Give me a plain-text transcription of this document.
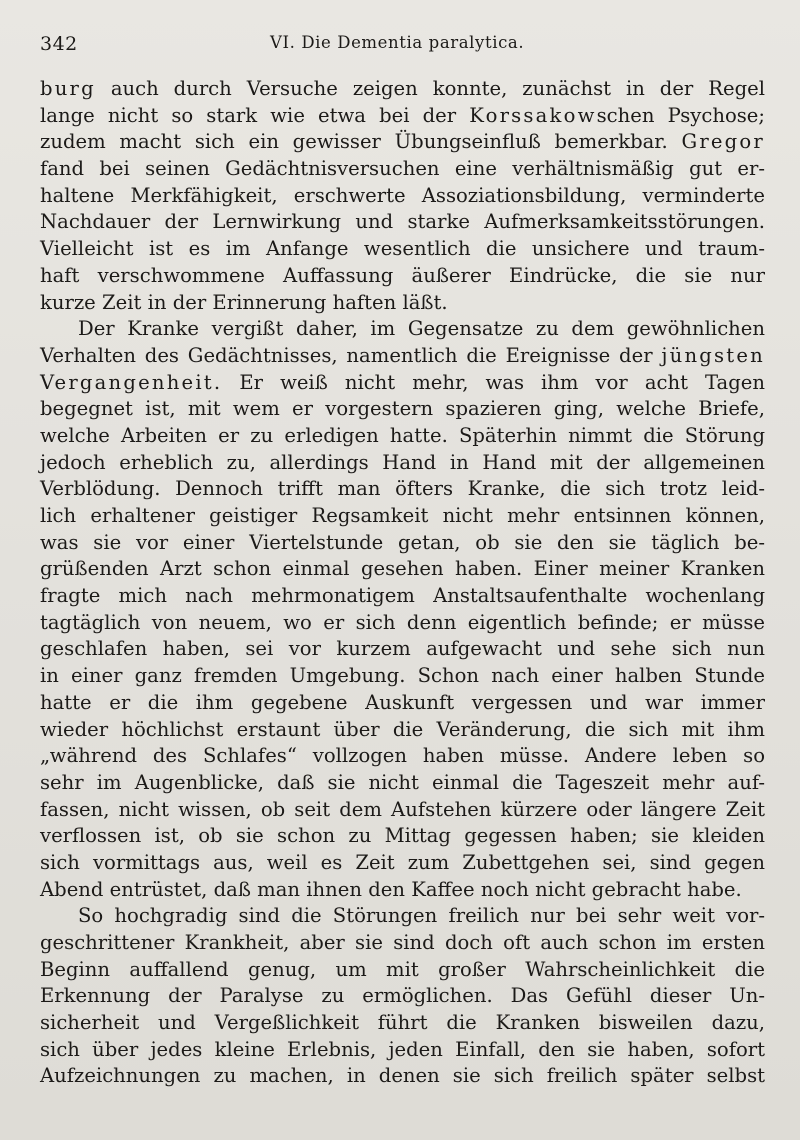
342	VI. Die Dementia paralytica.
burg auch durch Versuche zeigen konnte, zunächst in der Regel
lange nicht so stark wie etwa bei der Korssakowschen Psychose;
zudem macht sich ein gewisser Übungseinfluß bemerkbar. Gregor
fand bei seinen Gedächtnisversuchen eine verhältnismäßig gut er-
haltene Merkfähigkeit, erschwerte Assoziationsbildung, verminderte
Nachdauer der Lernwirkung und starke Aufmerksamkeitsstörungen.
Vielleicht ist es im Anfange wesentlich die unsichere und traum-
haft verschwommene Auffassung äußerer Eindrücke, die sie nur
kurze Zeit in der Erinnerung haften läßt.
Der Kranke vergißt daher, im Gegensatze zu dem gewöhnlichen
Verhalten des Gedächtnisses, namentlich die Ereignisse der jüngsten
Vergangenheit. Er weiß nicht mehr, was ihm vor acht Tagen
begegnet ist, mit wem er vorgestern spazieren ging, welche Briefe,
welche Arbeiten er zu erledigen hatte. Späterhin nimmt die Störung
jedoch erheblich zu, allerdings Hand in Hand mit der allgemeinen
Verblödung. Dennoch trifft man öfters Kranke, die sich trotz leid-
lich erhaltener geistiger Regsamkeit nicht mehr entsinnen können,
was sie vor einer Viertelstunde getan, ob sie den sie täglich be-
grüßenden Arzt schon einmal gesehen haben. Einer meiner Kranken
fragte mich nach mehrmonatigem Anstaltsaufenthalte wochenlang
tagtäglich von neuem, wo er sich denn eigentlich befinde; er müsse
geschlafen haben, sei vor kurzem aufgewacht und sehe sich nun
in einer ganz fremden Umgebung. Schon nach einer halben Stunde
hatte er die ihm gegebene Auskunft vergessen und war immer
wieder höchlichst erstaunt über die Veränderung, die sich mit ihm
„während des Schlafes“ vollzogen haben müsse. Andere leben so
sehr im Augenblicke, daß sie nicht einmal die Tageszeit mehr auf-
fassen, nicht wissen, ob seit dem Aufstehen kürzere oder längere Zeit
verflossen ist, ob sie schon zu Mittag gegessen haben; sie kleiden
sich vormittags aus, weil es Zeit zum Zubettgehen sei, sind gegen
Abend entrüstet, daß man ihnen den Kaffee noch nicht gebracht habe.
So hochgradig sind die Störungen freilich nur bei sehr weit vor-
geschrittener Krankheit, aber sie sind doch oft auch schon im ersten
Beginn auffallend genug, um mit großer Wahrscheinlichkeit die
Erkennung der Paralyse zu ermöglichen. Das Gefühl dieser Un-
sicherheit und Vergeßlichkeit führt die Kranken bisweilen dazu,
sich über jedes kleine Erlebnis, jeden Einfall, den sie haben, sofort
Aufzeichnungen zu machen, in denen sie sich freilich später selbst
